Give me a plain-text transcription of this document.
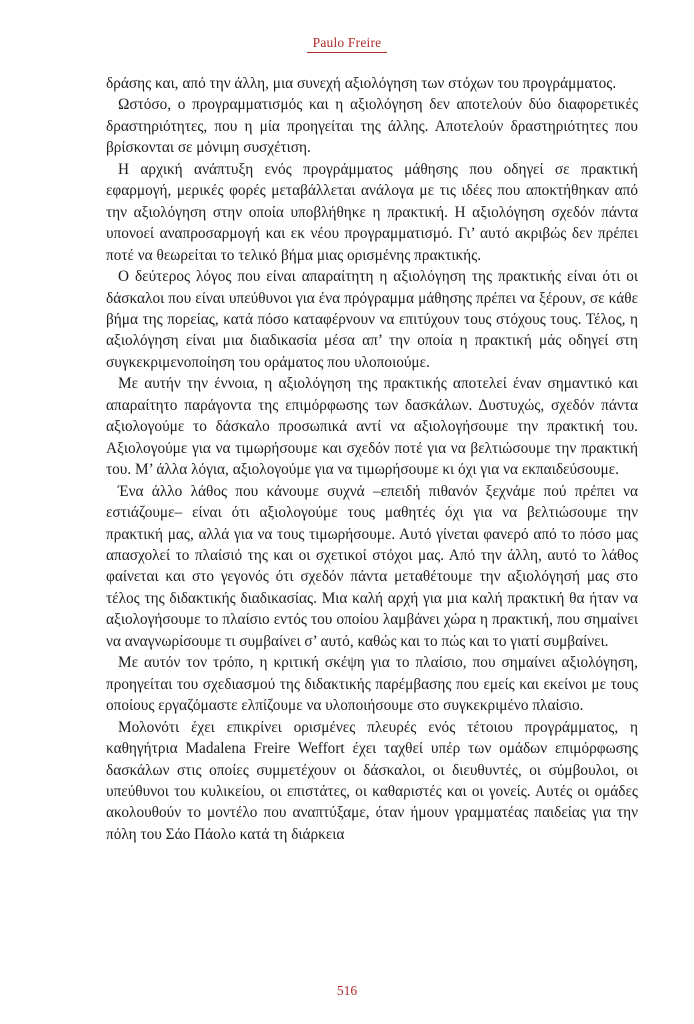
Paulo Freire

δράσης και, από την άλλη, μια συνεχή αξιολόγηση των στόχων του προγράμματος.

Ωστόσο, ο προγραμματισμός και η αξιολόγηση δεν αποτελούν δύο διαφορετικές δραστηριότητες, που η μία προηγείται της άλλης. Αποτελούν δραστηριότητες που βρίσκονται σε μόνιμη συσχέτιση.

Η αρχική ανάπτυξη ενός προγράμματος μάθησης που οδηγεί σε πρακτική εφαρμογή, μερικές φορές μεταβάλλεται ανάλογα με τις ιδέες που αποκτήθηκαν από την αξιολόγηση στην οποία υποβλήθηκε η πρακτική. Η αξιολόγηση σχεδόν πάντα υπονοεί αναπροσαρμογή και εκ νέου προγραμματισμό. Γι’ αυτό ακριβώς δεν πρέπει ποτέ να θεωρείται το τελικό βήμα μιας ορισμένης πρακτικής.

Ο δεύτερος λόγος που είναι απαραίτητη η αξιολόγηση της πρακτικής είναι ότι οι δάσκαλοι που είναι υπεύθυνοι για ένα πρόγραμμα μάθησης πρέπει να ξέρουν, σε κάθε βήμα της πορείας, κατά πόσο καταφέρνουν να επιτύχουν τους στόχους τους. Τέλος, η αξιολόγηση είναι μια διαδικασία μέσα απ’ την οποία η πρακτική μάς οδηγεί στη συγκεκριμενοποίηση του οράματος που υλοποιούμε.

Με αυτήν την έννοια, η αξιολόγηση της πρακτικής αποτελεί έναν σημαντικό και απαραίτητο παράγοντα της επιμόρφωσης των δασκάλων. Δυστυχώς, σχεδόν πάντα αξιολογούμε το δάσκαλο προσωπικά αντί να αξιολογήσουμε την πρακτική του. Αξιολογούμε για να τιμωρήσουμε και σχεδόν ποτέ για να βελτιώσουμε την πρακτική του. Μ’ άλλα λόγια, αξιολογούμε για να τιμωρήσουμε κι όχι για να εκπαιδεύσουμε.

Ένα άλλο λάθος που κάνουμε συχνά –επειδή πιθανόν ξεχνάμε πού πρέπει να εστιάζουμε– είναι ότι αξιολογούμε τους μαθητές όχι για να βελτιώσουμε την πρακτική μας, αλλά για να τους τιμωρήσουμε. Αυτό γίνεται φανερό από το πόσο μας απασχολεί το πλαίσιό της και οι σχετικοί στόχοι μας. Από την άλλη, αυτό το λάθος φαίνεται και στο γεγονός ότι σχεδόν πάντα μεταθέτουμε την αξιολόγησή μας στο τέλος της διδακτικής διαδικασίας. Μια καλή αρχή για μια καλή πρακτική θα ήταν να αξιολογήσουμε το πλαίσιο εντός του οποίου λαμβάνει χώρα η πρακτική, που σημαίνει να αναγνωρίσουμε τι συμβαίνει σ’ αυτό, καθώς και το πώς και το γιατί συμβαίνει.

Με αυτόν τον τρόπο, η κριτική σκέψη για το πλαίσιο, που σημαίνει αξιολόγηση, προηγείται του σχεδιασμού της διδακτικής παρέμβασης που εμείς και εκείνοι με τους οποίους εργαζόμαστε ελπίζουμε να υλοποιήσουμε στο συγκεκριμένο πλαίσιο.

Μολονότι έχει επικρίνει ορισμένες πλευρές ενός τέτοιου προγράμματος, η καθηγήτρια Madalena Freire Weffort έχει ταχθεί υπέρ των ομάδων επιμόρφωσης δασκάλων στις οποίες συμμετέχουν οι δάσκαλοι, οι διευθυντές, οι σύμβουλοι, οι υπεύθυνοι του κυλικείου, οι επιστάτες, οι καθαριστές και οι γονείς. Αυτές οι ομάδες ακολουθούν το μοντέλο που αναπτύξαμε, όταν ήμουν γραμματέας παιδείας για την πόλη του Σάο Πάολο κατά τη διάρκεια

516
